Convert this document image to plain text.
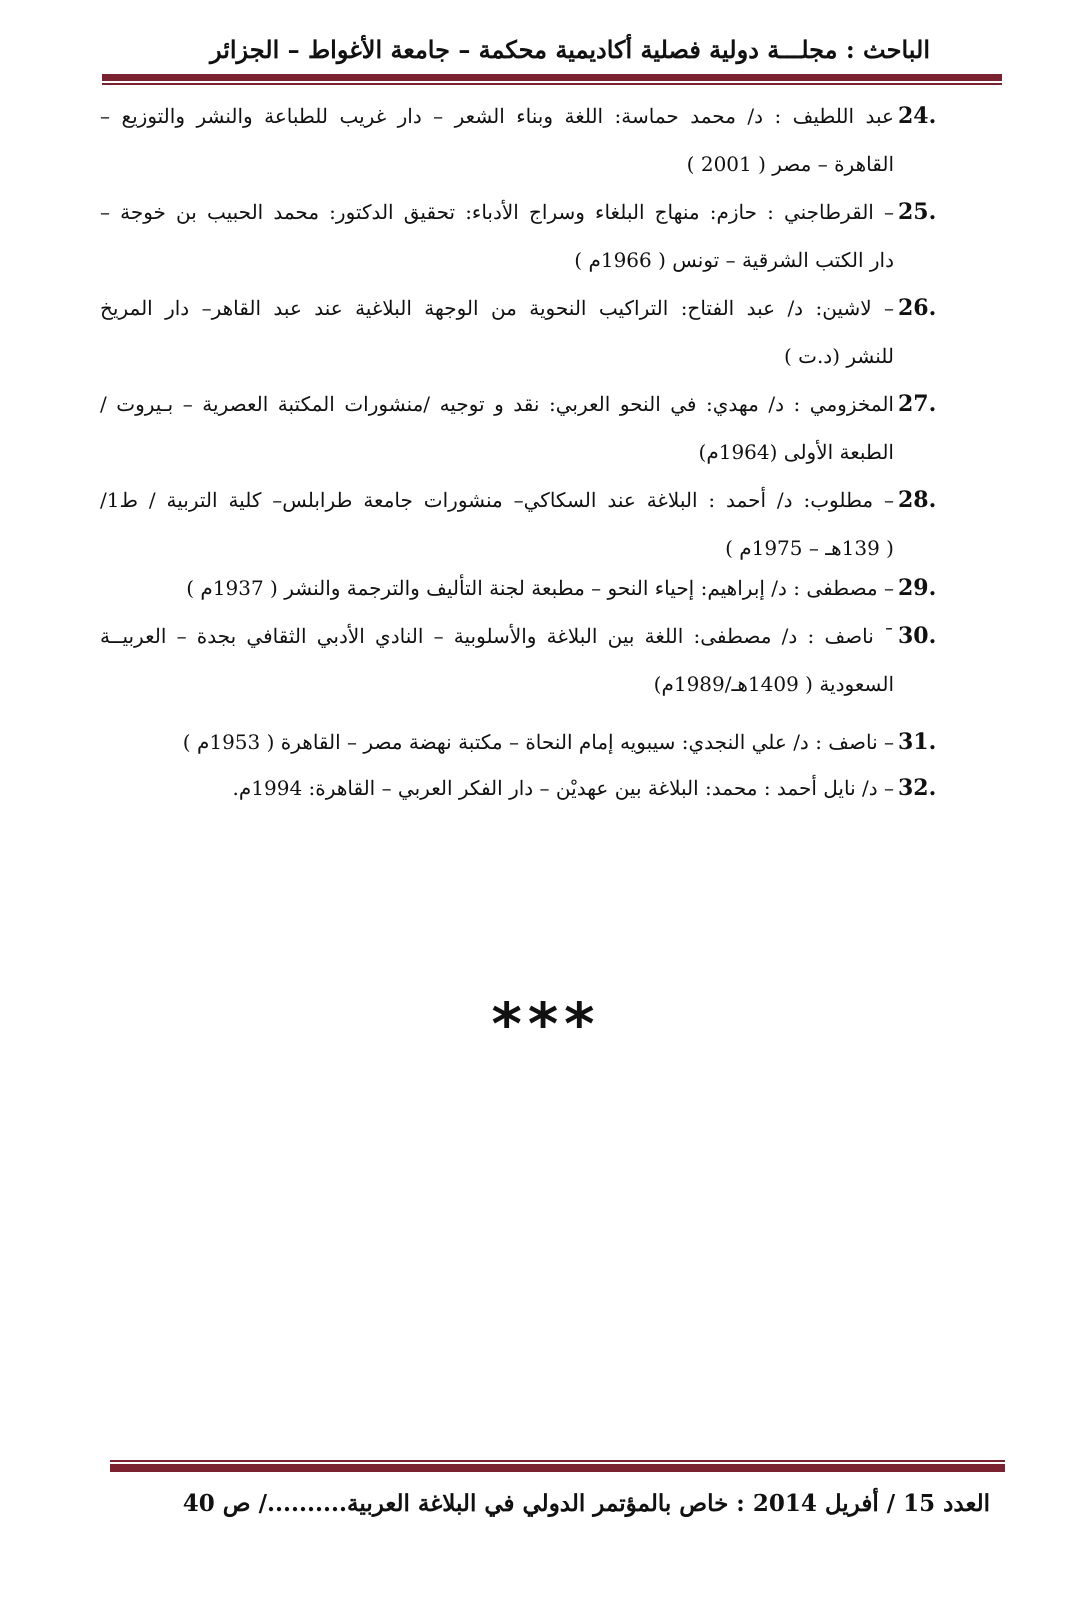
الباحث : مجلـــة دولية فصلية أكاديمية محكمة – جامعة الأغواط – الجزائر
24.
عبد اللطيف : د/ محمد حماسة: اللغة وبناء الشعر – دار غريب للطباعة والنشر والتوزيع –
القاهرة – مصر ( 2001 )
25.
– القرطاجني : حازم: منهاج البلغاء وسراج الأدباء: تحقيق الدكتور: محمد الحبيب بن خوجة –
دار الكتب الشرقية – تونس ( 1966م )
26.
– لاشين: د/ عبد الفتاح: التراكيب النحوية من الوجهة البلاغية عند عبد القاهر– دار المريخ
للنشر (د.ت )
27.
المخزومي : د/ مهدي: في النحو العربي: نقد و توجيه /منشورات المكتبة العصرية – بـيروت /
الطبعة الأولى (1964م)
28.
– مطلوب: د/ أحمد : البلاغة عند السكاكي– منشورات جامعة طرابلس– كلية التربية / ط1/
( 139هـ – 1975م )
29.
– مصطفى : د/ إبراهيم: إحياء النحو – مطبعة لجنة التأليف والترجمة والنشر ( 1937م )
30.
¯ ناصف : د/ مصطفى: اللغة بين البلاغة والأسلوبية – النادي الأدبي الثقافي بجدة – العربيــة
السعودية ( 1409هـ/1989م)
31.
– ناصف : د/ علي النجدي: سيبويه إمام النحاة – مكتبة نهضة مصر – القاهرة ( 1953م )
32.
– د/ نايل أحمد : محمد: البلاغة بين عهديْن – دار الفكر العربي – القاهرة: 1994م.
***
العدد 15 / أفريل 2014 : خاص بالمؤتمر الدولي في البلاغة العربية........../ ص 40
